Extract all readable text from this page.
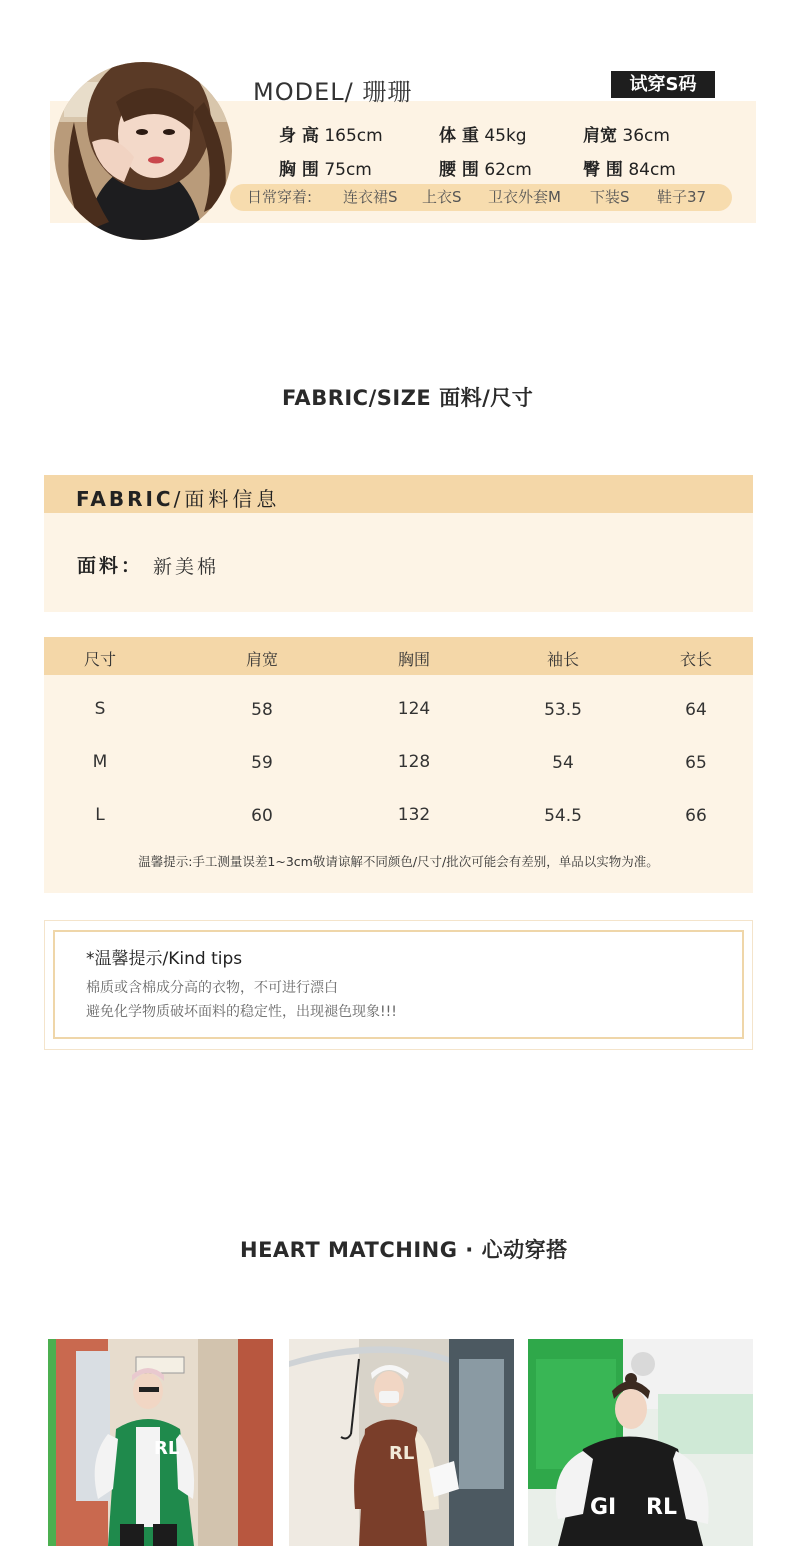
MODEL/ 珊珊	试穿S码
身 高 165cm	体 重 45kg	肩宽 36cm
胸 围 75cm	腰 围 62cm	臀 围 84cm
日常穿着: 连衣裙S 上衣S 卫衣外套M 下装S 鞋子37
FABRIC/SIZE 面料/尺寸
FABRIC/面料信息
面料： 新美棉
尺寸	肩宽	胸围	袖长	衣长
S	58	124	53.5	64
M	59	128	54	65
L	60	132	54.5	66
温馨提示:手工测量误差1~3cm敬请谅解不同颜色/尺寸/批次可能会有差别，单品以实物为准。
*温馨提示/Kind tips
棉质或含棉成分高的衣物，不可进行漂白
避免化学物质破坏面料的稳定性，出现褪色现象!!!
HEART MATCHING · 心动穿搭
RL	RL
GI RL
